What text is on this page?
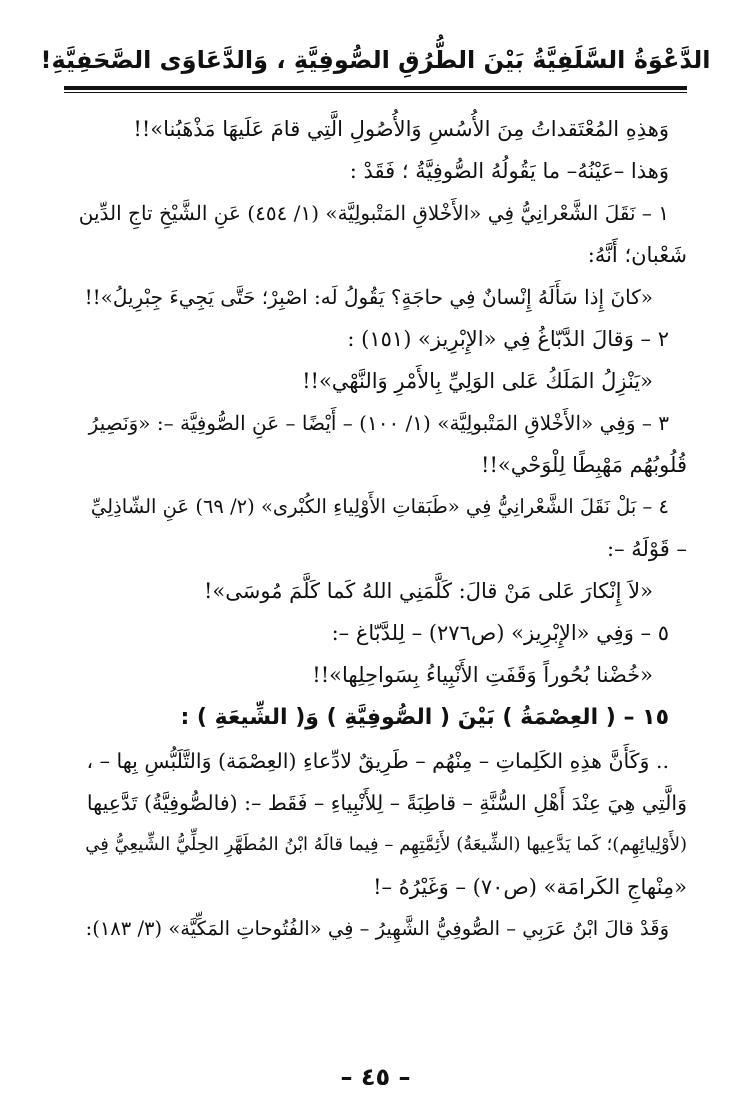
الدَّعْوَةُ السَّلَفِيَّةُ بَيْنَ الطُّرُقِ الصُّوفِيَّةِ ، وَالدَّعَاوَى الصَّحَفِيَّةِ!
وَهذِهِ المُعْتَقداتُ مِنَ الأُسُسِ وَالأُصُولِ الَّتِي قامَ عَلَيهَا مَذْهَبُنا»!!
وَهذا –عَيْنُهُ– ما يَقُولُهُ الصُّوفِيَّةُ ؛ فَقَدْ :
١ – نَقَلَ الشَّعْرانِيُّ فِي «الأَخْلاقِ المَتْبولِيَّة» (١/ ٤٥٤) عَنِ الشَّيْخِ تاجِ الدِّين
شَعْبان؛ أَنَّهُ:
«كانَ إِذا سَأَلَهُ إِنْسانٌ فِي حاجَةٍ؟ يَقُولُ لَه: اصْبِرْ؛ حَتَّى يَجِيءَ جِبْرِيلُ»!!
٢ – وَقالَ الدَّبّاغُ فِي «الإِبْرِيز» (١٥١) :
«يَنْزِلُ المَلَكُ عَلى الوَلِيِّ بِالأَمْرِ وَالنَّهْي»!!
٣ – وَفِي «الأَخْلاقِ المَتْبولِيَّة» (١/ ١٠٠) – أَيْضًا – عَنِ الصُّوفِيَّة –: «وَنَصِيرُ
قُلُوبُهُم مَهْبِطًا لِلْوَحْي»!!
٤ – بَلْ نَقَلَ الشَّعْرانِيُّ فِي «طَبَقاتِ الأَوْلِياءِ الكُبْرى» (٢/ ٦٩) عَنِ الشّاذِلِيِّ
– قَوْلَهُ –:
«لاَ إِنْكارَ عَلى مَنْ قالَ: كَلَّمَنِي اللهُ كَما كَلَّمَ مُوسَى»!
٥ – وَفِي «الإِبْرِيز» (ص٢٧٦) – لِلدَّبّاغ –:
«خُضْنا بُحُوراً وَقَفَتِ الأَنْبِياءُ بِسَواحِلِها»!!
١٥ – ( العِصْمَةُ ) بَيْنَ ( الصُّوفِيَّةِ ) وَ( الشِّيعَةِ ) :
.. وَكَأَنَّ هذِهِ الكَلِماتِ – مِنْهُم – طَرِيقٌ لادِّعاءِ (العِصْمَة) وَالتَّلَبُّسِ بِها – ،
وَالَّتِي هِيَ عِنْدَ أَهْلِ السُّنَّةِ – قاطِبَةً – لِلأَنْبِياءِ – فَقَط –: (فالصُّوفِيَّةُ) تَدَّعِيها
(لأَوْلِيائِهِم)؛ كَما يَدَّعِيها (الشِّيعَةُ) لأَئِمَّتِهِم – فِيما قالَهُ ابْنُ المُطَهَّرِ الحِلِّيُّ الشِّيعِيُّ فِي
«مِنْهاجِ الكَرامَة» (ص٧٠) – وَغَيْرُهُ –!
وَقَدْ قالَ ابْنُ عَرَبِي – الصُّوفِيُّ الشَّهِيرُ – فِي «الفُتُوحاتِ المَكِّيَّة» (٣/ ١٨٣):
– ٤٥ –
